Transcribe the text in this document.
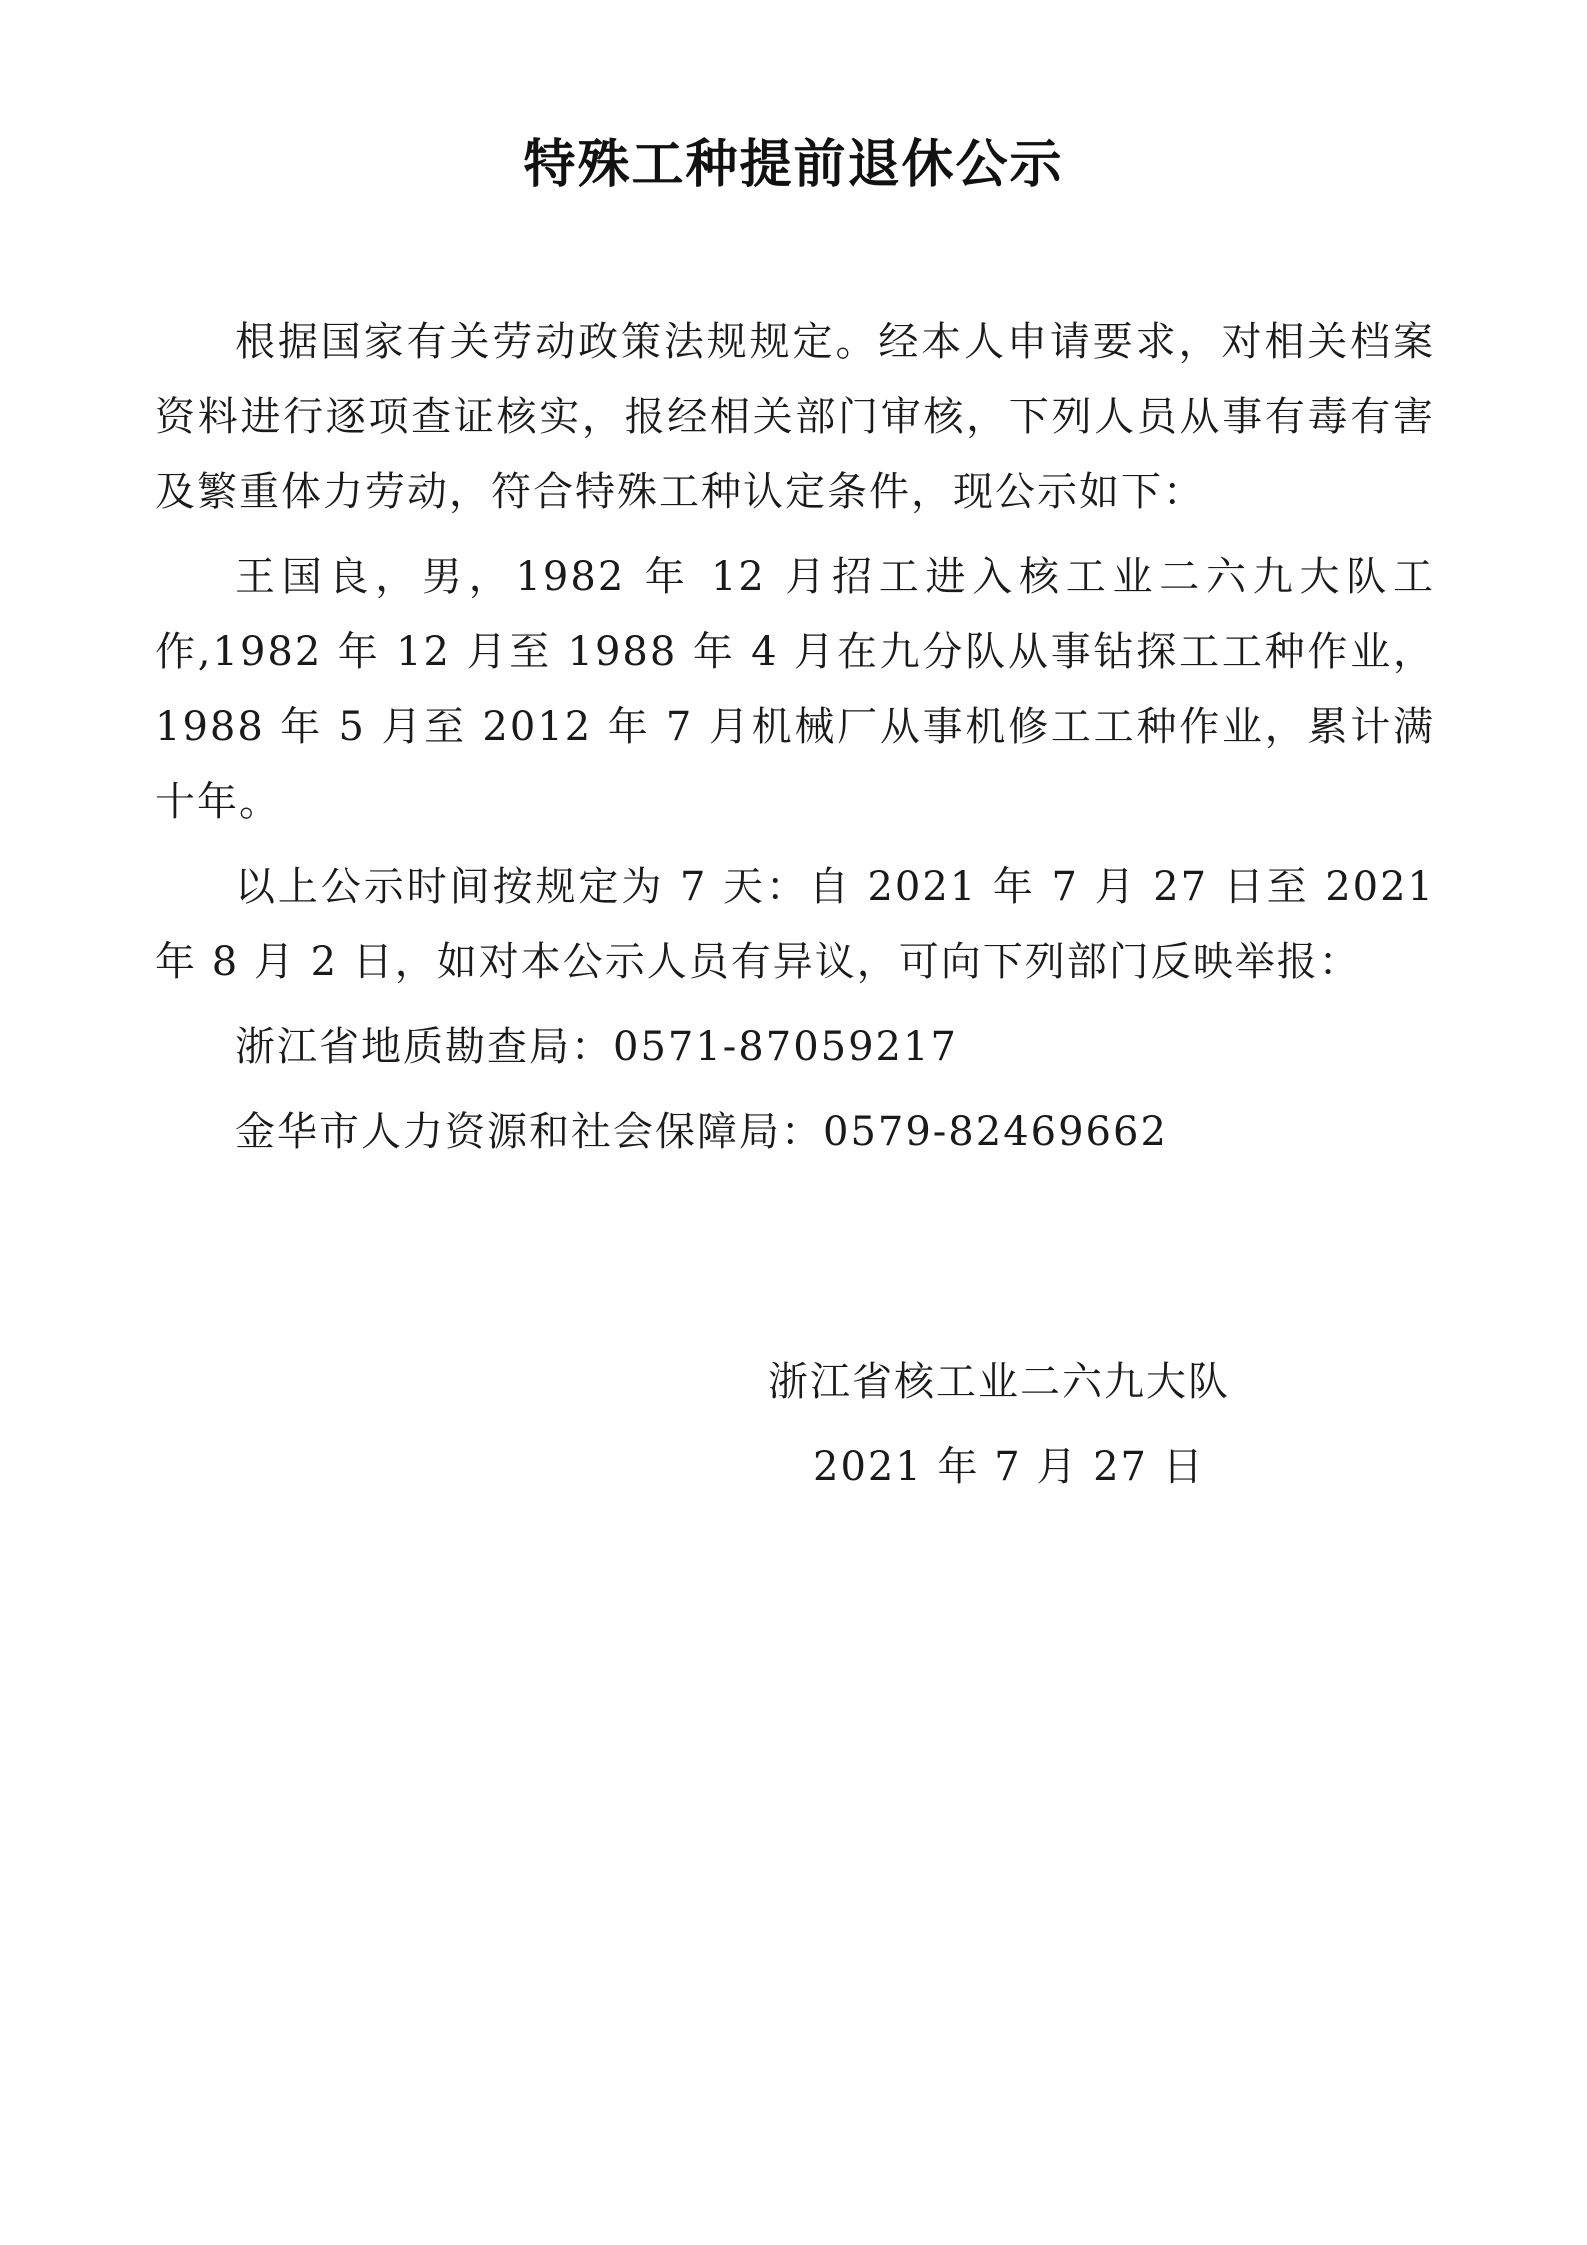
特殊工种提前退休公示

根据国家有关劳动政策法规规定。经本人申请要求，对相关档案资料进行逐项查证核实，报经相关部门审核，下列人员从事有毒有害及繁重体力劳动，符合特殊工种认定条件，现公示如下：

王国良，男，1982 年 12 月招工进入核工业二六九大队工作,1982 年 12 月至 1988 年 4 月在九分队从事钻探工工种作业，1988 年 5 月至 2012 年 7 月机械厂从事机修工工种作业，累计满十年。

以上公示时间按规定为 7 天：自 2021 年 7 月 27 日至 2021 年 8 月 2 日，如对本公示人员有异议，可向下列部门反映举报：

浙江省地质勘查局：0571-87059217
金华市人力资源和社会保障局：0579-82469662
浙江省核工业二六九大队
2021 年 7 月 27 日
